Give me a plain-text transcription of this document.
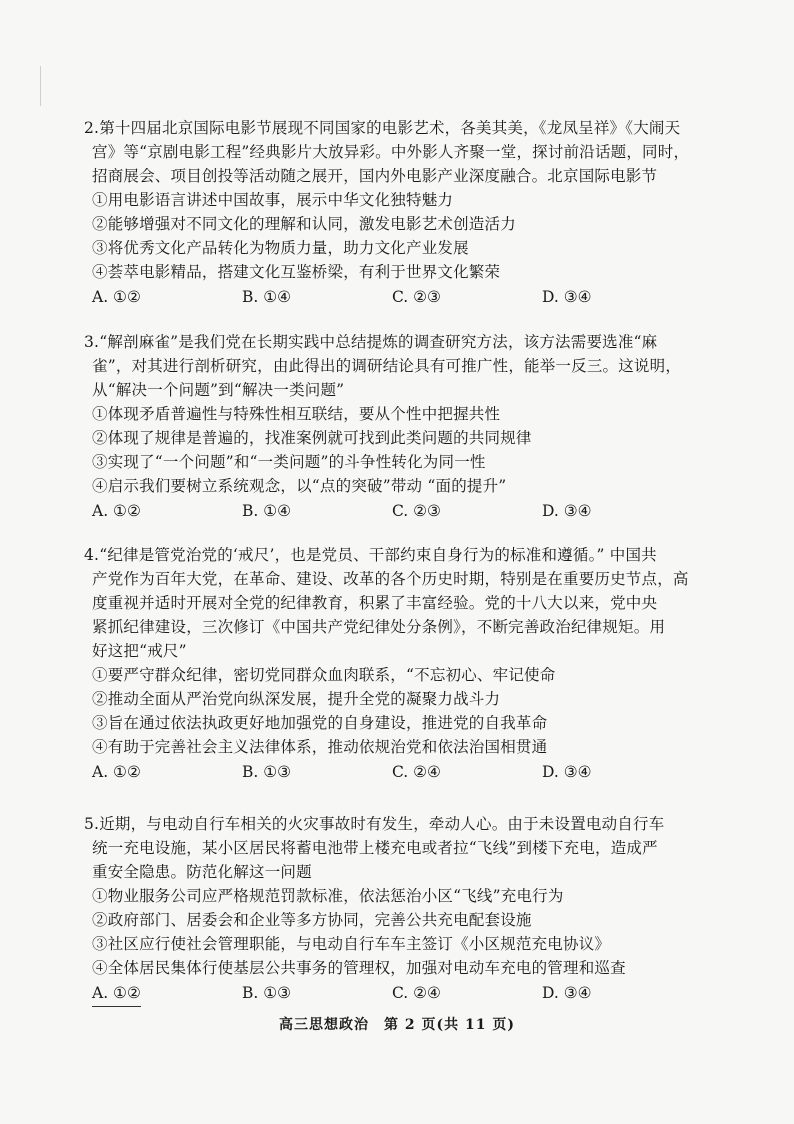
2.第十四届北京国际电影节展现不同国家的电影艺术，各美其美，《龙凤呈祥》《大闹天
宫》等“京剧电影工程”经典影片大放异彩。中外影人齐聚一堂，探讨前沿话题，同时，
招商展会、项目创投等活动随之展开，国内外电影产业深度融合。北京国际电影节
①用电影语言讲述中国故事，展示中华文化独特魅力
②能够增强对不同文化的理解和认同，激发电影艺术创造活力
③将优秀文化产品转化为物质力量，助力文化产业发展
④荟萃电影精品，搭建文化互鉴桥梁，有利于世界文化繁荣
A. ①②	B. ①④	C. ②③	D. ③④
3.“解剖麻雀”是我们党在长期实践中总结提炼的调查研究方法，该方法需要选准“麻
雀”，对其进行剖析研究，由此得出的调研结论具有可推广性，能举一反三。这说明，
从“解决一个问题”到“解决一类问题”
①体现矛盾普遍性与特殊性相互联结，要从个性中把握共性
②体现了规律是普遍的，找准案例就可找到此类问题的共同规律
③实现了“一个问题”和“一类问题”的斗争性转化为同一性
④启示我们要树立系统观念，以“点的突破”带动 “面的提升”
A. ①②	B. ①④	C. ②③	D. ③④
4.“纪律是管党治党的‘戒尺’，也是党员、干部约束自身行为的标准和遵循。” 中国共
产党作为百年大党，在革命、建设、改革的各个历史时期，特别是在重要历史节点，高
度重视并适时开展对全党的纪律教育，积累了丰富经验。党的十八大以来，党中央
紧抓纪律建设，三次修订《中国共产党纪律处分条例》，不断完善政治纪律规矩。用
好这把“戒尺”
①要严守群众纪律，密切党同群众血肉联系，“不忘初心、牢记使命
②推动全面从严治党向纵深发展，提升全党的凝聚力战斗力
③旨在通过依法执政更好地加强党的自身建设，推进党的自我革命
④有助于完善社会主义法律体系，推动依规治党和依法治国相贯通
A. ①②	B. ①③	C. ②④	D. ③④
5.近期，与电动自行车相关的火灾事故时有发生，牵动人心。由于未设置电动自行车
统一充电设施，某小区居民将蓄电池带上楼充电或者拉“飞线”到楼下充电，造成严
重安全隐患。防范化解这一问题
①物业服务公司应严格规范罚款标准，依法惩治小区“飞线”充电行为
②政府部门、居委会和企业等多方协同，完善公共充电配套设施
③社区应行使社会管理职能，与电动自行车车主签订《小区规范充电协议》
④全体居民集体行使基层公共事务的管理权，加强对电动车充电的管理和巡查
A. ①②	B. ①③	C. ②④	D. ③④
高三思想政治　第 2 页(共 11 页)
